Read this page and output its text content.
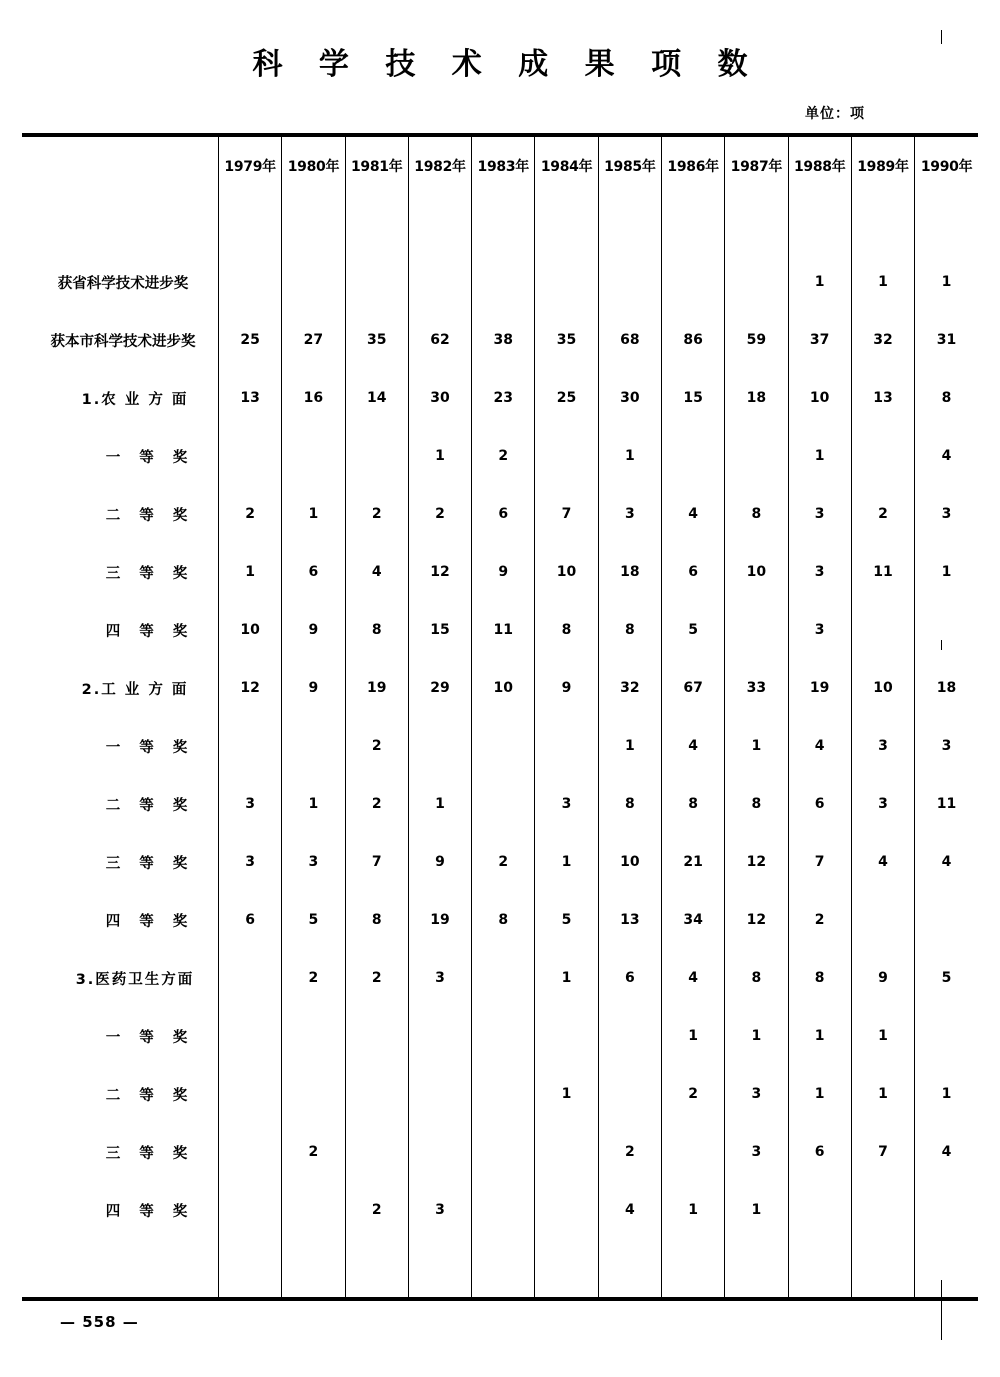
科 学 技 术 成 果 项 数
单位：项
	1979年	1980年	1981年	1982年	1983年	1984年	1985年	1986年	1987年	1988年	1989年	1990年

获省科学技术进步奖										1	1	1

获本市科学技术进步奖	25	27	35	62	38	35	68	86	59	37	32	31

1.农 业 方 面	13	16	14	30	23	25	30	15	18	10	13	8

一 等 奖				1	2		1			1		4

二 等 奖	2	1	2	2	6	7	3	4	8	3	2	3

三 等 奖	1	6	4	12	9	10	18	6	10	3	11	1

四 等 奖	10	9	8	15	11	8	8	5		3		

2.工 业 方 面	12	9	19	29	10	9	32	67	33	19	10	18

一 等 奖			2				1	4	1	4	3	3

二 等 奖	3	1	2	1		3	8	8	8	6	3	11

三 等 奖	3	3	7	9	2	1	10	21	12	7	4	4

四 等 奖	6	5	8	19	8	5	13	34	12	2		

3.医药卫生方面		2	2	3		1	6	4	8	8	9	5

一 等 奖								1	1	1	1	

二 等 奖						1		2	3	1	1	1

三 等 奖		2					2		3	6	7	4

四 等 奖			2	3			4	1	1			

— 558 —
